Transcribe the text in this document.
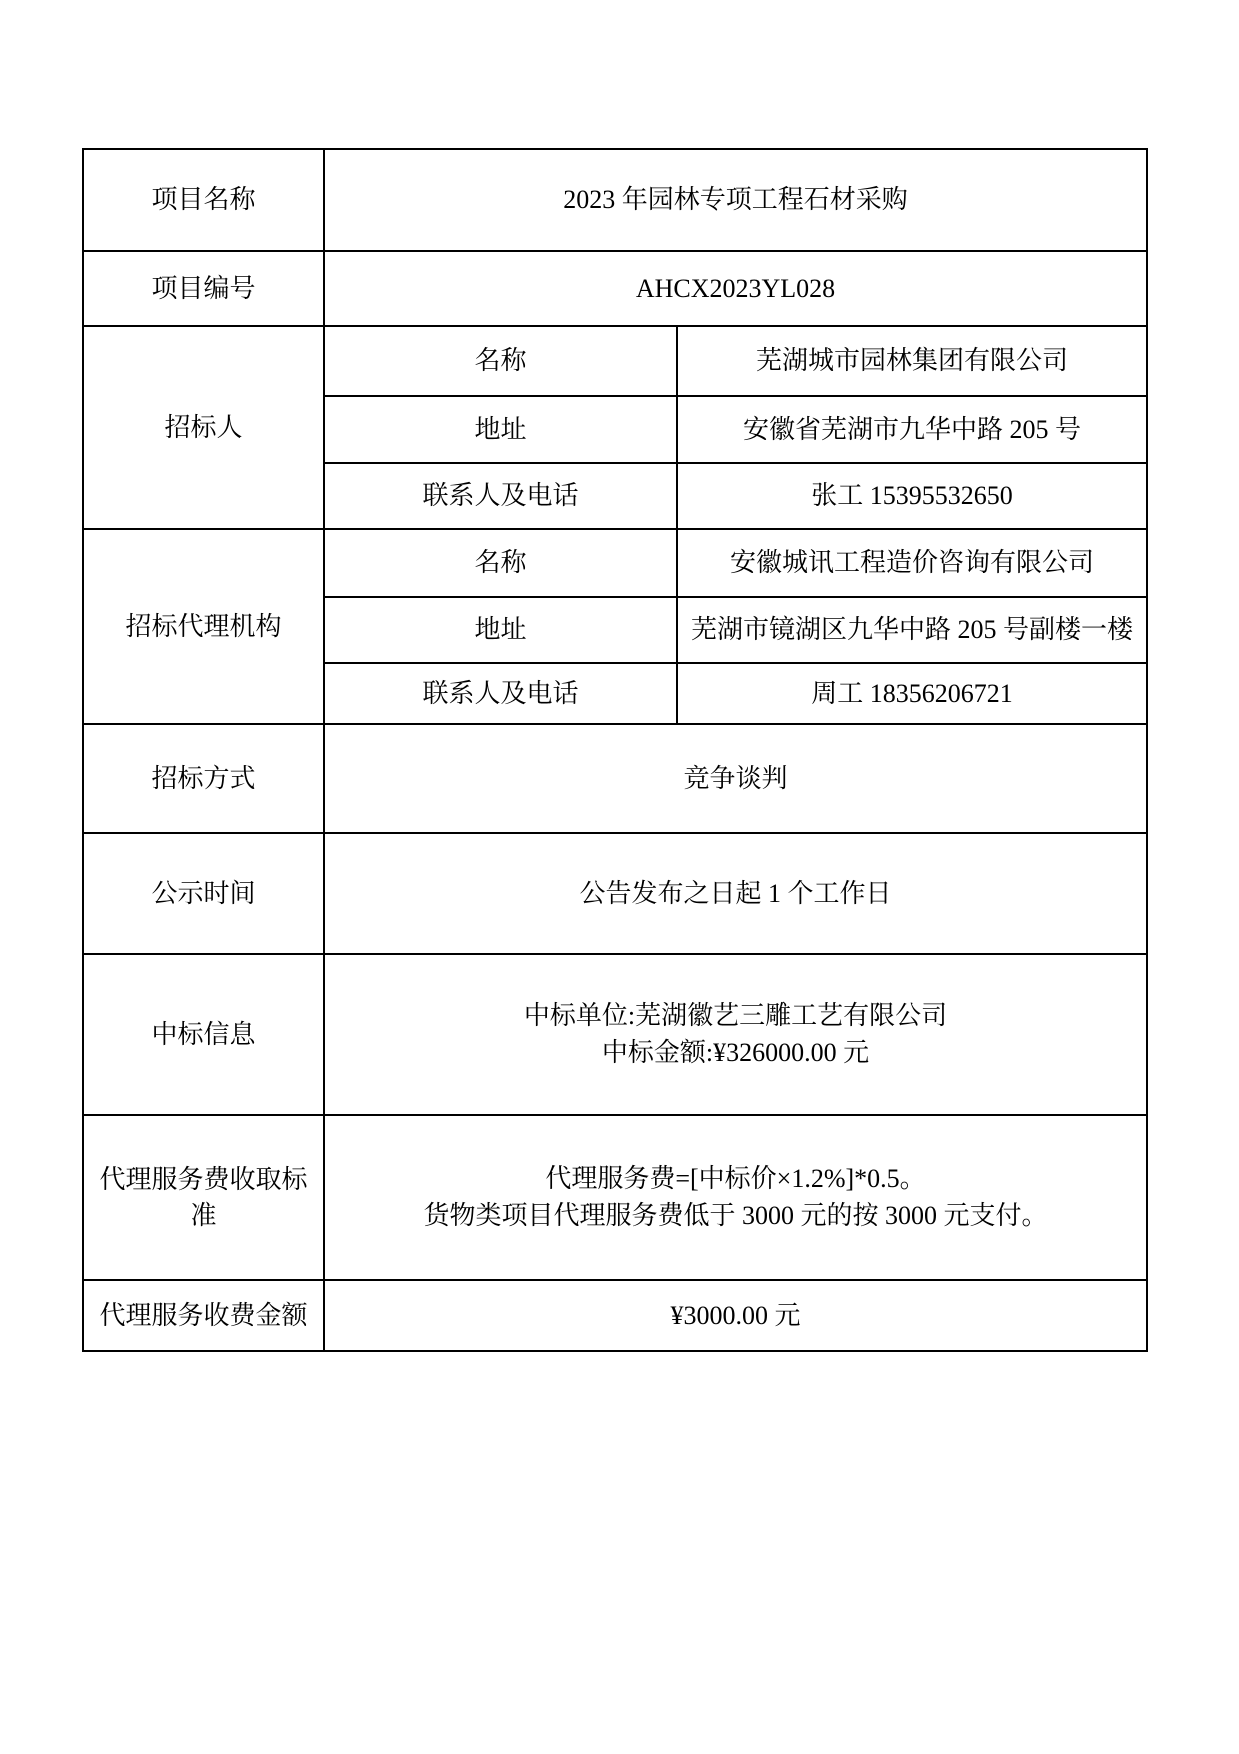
项目名称	2023 年园林专项工程石材采购	
项目编号	AHCX2023YL028	
招标人	名称	芜湖城市园林集团有限公司
	地址	安徽省芜湖市九华中路 205 号
	联系人及电话	张工 15395532650
招标代理机构	名称	安徽城讯工程造价咨询有限公司
	地址	芜湖市镜湖区九华中路 205 号副楼一楼
	联系人及电话	周工 18356206721
招标方式	竞争谈判	
公示时间	公告发布之日起 1 个工作日	
中标信息	中标单位:芜湖徽艺三雕工艺有限公司
中标金额:¥326000.00 元	

代理服务费收取标准	代理服务费=[中标价×1.2%]*0.5。
货物类项目代理服务费低于 3000 元的按 3000 元支付。	

代理服务收费金额	¥3000.00 元	
